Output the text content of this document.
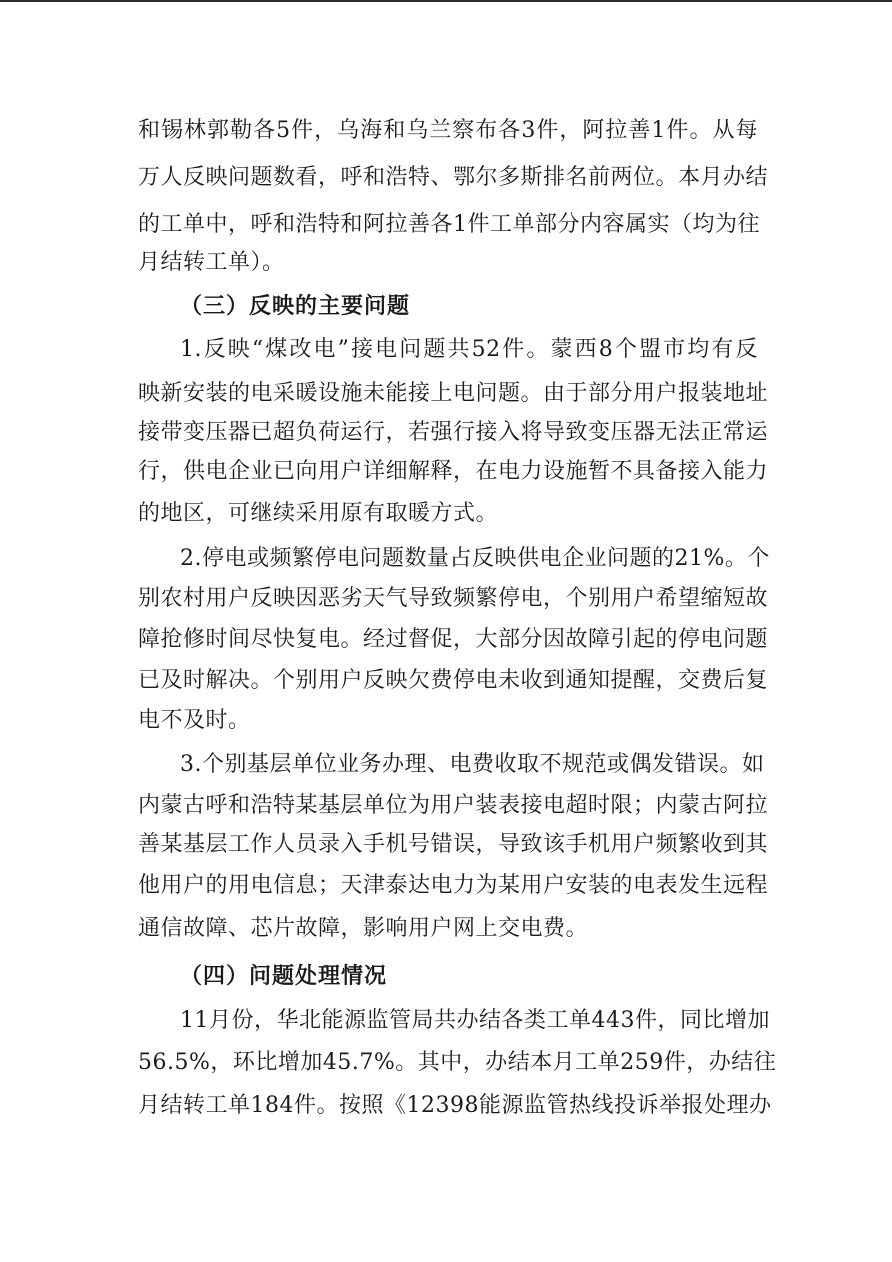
和锡林郭勒各5件，乌海和乌兰察布各3件，阿拉善1件。从每
万人反映问题数看，呼和浩特、鄂尔多斯排名前两位。本月办结
的工单中，呼和浩特和阿拉善各1件工单部分内容属实（均为往
月结转工单）。
（三）反映的主要问题
1.反映“煤改电”接电问题共52件。蒙西8个盟市均有反
映新安装的电采暖设施未能接上电问题。由于部分用户报装地址
接带变压器已超负荷运行，若强行接入将导致变压器无法正常运
行，供电企业已向用户详细解释，在电力设施暂不具备接入能力
的地区，可继续采用原有取暖方式。
2.停电或频繁停电问题数量占反映供电企业问题的21%。个
别农村用户反映因恶劣天气导致频繁停电，个别用户希望缩短故
障抢修时间尽快复电。经过督促，大部分因故障引起的停电问题
已及时解决。个别用户反映欠费停电未收到通知提醒，交费后复
电不及时。
3.个别基层单位业务办理、电费收取不规范或偶发错误。如
内蒙古呼和浩特某基层单位为用户装表接电超时限；内蒙古阿拉
善某基层工作人员录入手机号错误，导致该手机用户频繁收到其
他用户的用电信息；天津泰达电力为某用户安装的电表发生远程
通信故障、芯片故障，影响用户网上交电费。
（四）问题处理情况
11月份，华北能源监管局共办结各类工单443件，同比增加
56.5%，环比增加45.7%。其中，办结本月工单259件，办结往
月结转工单184件。按照《12398能源监管热线投诉举报处理办
